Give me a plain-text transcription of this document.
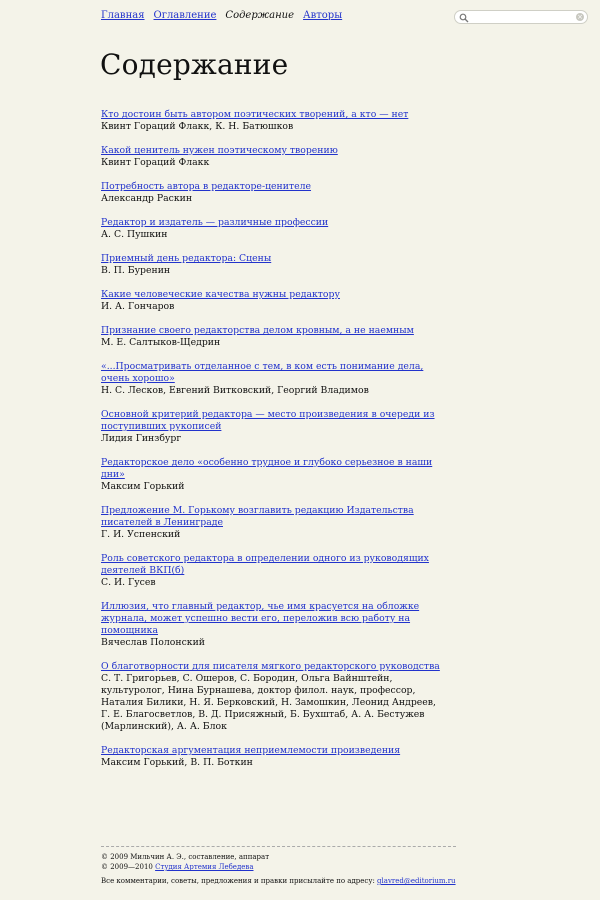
Главная Оглавление Содержание Авторы	×
Содержание
Кто достоин быть автором поэтических творений, а кто — нет
Квинт Гораций Флакк, К. Н. Батюшков
Какой ценитель нужен поэтическому творению
Квинт Гораций Флакк
Потребность автора в редакторе-ценителе
Александр Раскин
Редактор и издатель — различные профессии
А. С. Пушкин
Приемный день редактора: Сцены
В. П. Буренин
Какие человеческие качества нужны редактору
И. А. Гончаров
Признание своего редакторства делом кровным, а не наемным
М. Е. Салтыков-Щедрин
«...Просматривать отделанное с тем, в ком есть понимание дела, очень хорошо»
Н. С. Лесков, Евгений Витковский, Георгий Владимов
Основной критерий редактора — место произведения в очереди из поступивших рукописей
Лидия Гинзбург
Редакторское дело «особенно трудное и глубоко серьезное в наши дни»
Максим Горький
Предложение М. Горькому возглавить редакцию Издательства писателей в Ленинграде
Г. И. Успенский
Роль советского редактора в определении одного из руководящих деятелей ВКП(б)
С. И. Гусев
Иллюзия, что главный редактор, чье имя красуется на обложке журнала, может успешно вести его, переложив всю работу на помощника
Вячеслав Полонский
О благотворности для писателя мягкого редакторского руководства
С. Т. Григорьев, С. Ошеров, С. Бородин, Ольга Вайнштейн, культуролог, Нина Бурнашева, доктор филол. наук, профессор, Наталия Билики, Н. Я. Берковский, Н. Замошкин, Леонид Андреев, Г. Е. Благосветлов, В. Д. Присяжный, Б. Бухштаб, А. А. Бестужев (Марлинский), А. А. Блок
Редакторская аргументация неприемлемости произведения
Максим Горький, В. П. Боткин
© 2009 Мильчин А. Э., составление, аппарат
© 2009—2010 Студия Артемия Лебедева
Все комментарии, советы, предложения и правки присылайте по адресу: glavred@editorium.ru
